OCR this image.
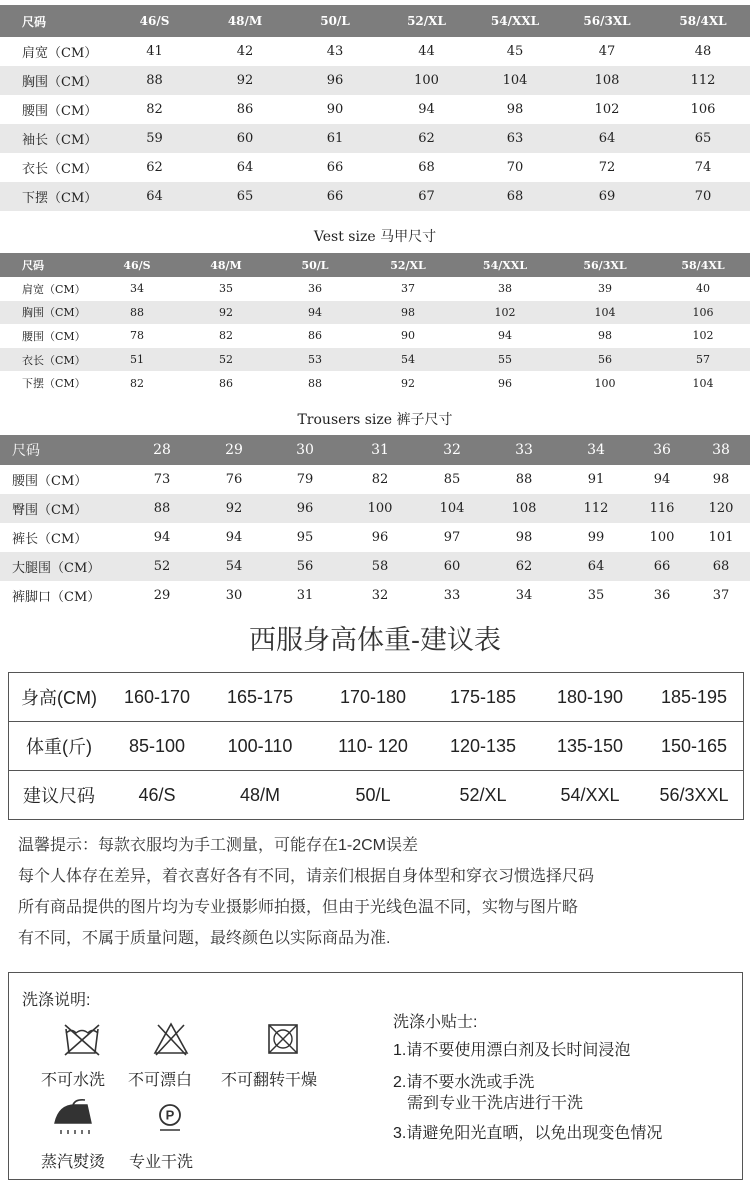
尺码	46/S	48/M	50/L	52/XL	54/XXL	56/3XL	58/4XL
肩宽（CM）	41	42	43	44	45	47	48
胸围（CM）	88	92	96	100	104	108	112
腰围（CM）	82	86	90	94	98	102	106
袖长（CM）	59	60	61	62	63	64	65
衣长（CM）	62	64	66	68	70	72	74
下摆（CM）	64	65	66	67	68	69	70
Vest size 马甲尺寸
尺码	46/S	48/M	50/L	52/XL	54/XXL	56/3XL	58/4XL
肩宽（CM）	34	35	36	37	38	39	40
胸围（CM）	88	92	94	98	102	104	106
腰围（CM）	78	82	86	90	94	98	102
衣长（CM）	51	52	53	54	55	56	57
下摆（CM）	82	86	88	92	96	100	104
Trousers size 裤子尺寸
尺码	28	29	30	31	32	33	34	36	38
腰围（CM）	73	76	79	82	85	88	91	94	98
臀围（CM）	88	92	96	100	104	108	112	116	120
裤长（CM）	94	94	95	96	97	98	99	100	101
大腿围（CM）	52	54	56	58	60	62	64	66	68
裤脚口（CM）	29	30	31	32	33	34	35	36	37
西服身高体重-建议表
身高(CM)	160-170	165-175	170-180	175-185	180-190	185-195
体重(斤)	85-100	100-110	110- 120	120-135	135-150	150-165
建议尺码	46/S	48/M	50/L	52/XL	54/XXL	56/3XXL
温馨提示：每款衣服均为手工测量，可能存在1-2CM误差
每个人体存在差异，着衣喜好各有不同，请亲们根据自身体型和穿衣习惯选择尺码
所有商品提供的图片均为专业摄影师拍摄，但由于光线色温不同，实物与图片略
有不同，不属于质量问题，最终颜色以实际商品为准.
洗涤说明:
不可水洗 不可漂白 不可翻转干燥
蒸汽熨烫
P
专业干洗
洗涤小贴士:
1.请不要使用漂白剂及长时间浸泡
2.请不要水洗或手洗
需到专业干洗店进行干洗
3.请避免阳光直晒，以免出现变色情况
